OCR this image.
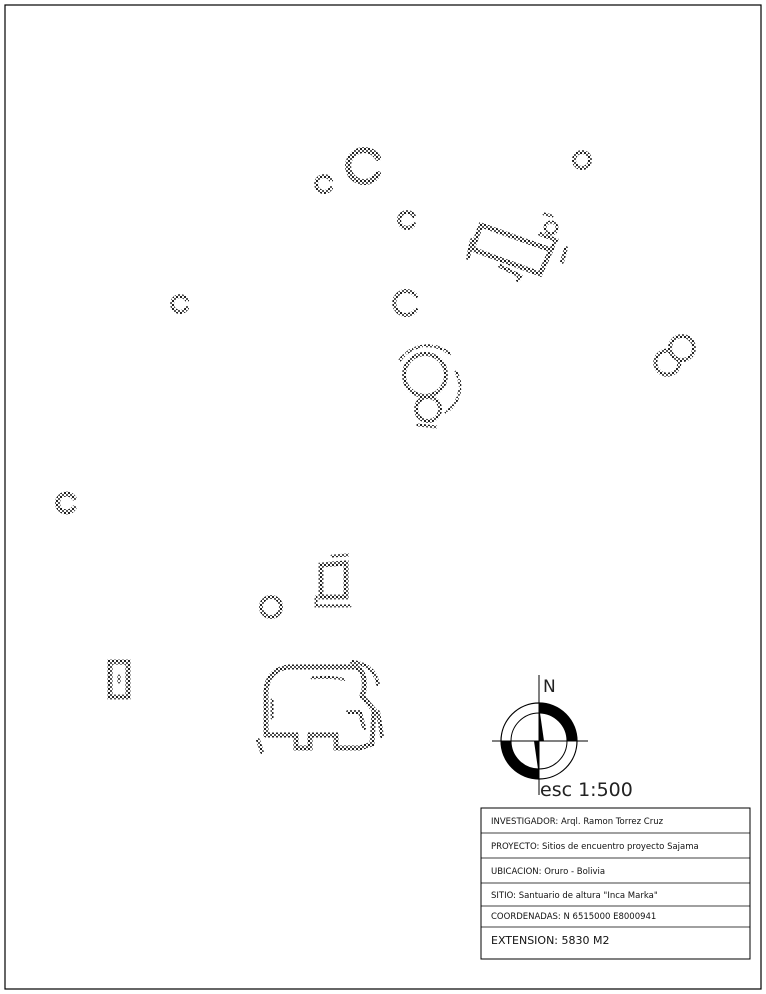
N
esc 1:500
INVESTIGADOR: Arql. Ramon Torrez Cruz
PROYECTO: Sitios de encuentro proyecto Sajama
UBICACION: Oruro - Bolivia
SITIO: Santuario de altura "Inca Marka"
COORDENADAS: N 6515000 E8000941
EXTENSION: 5830 M2
